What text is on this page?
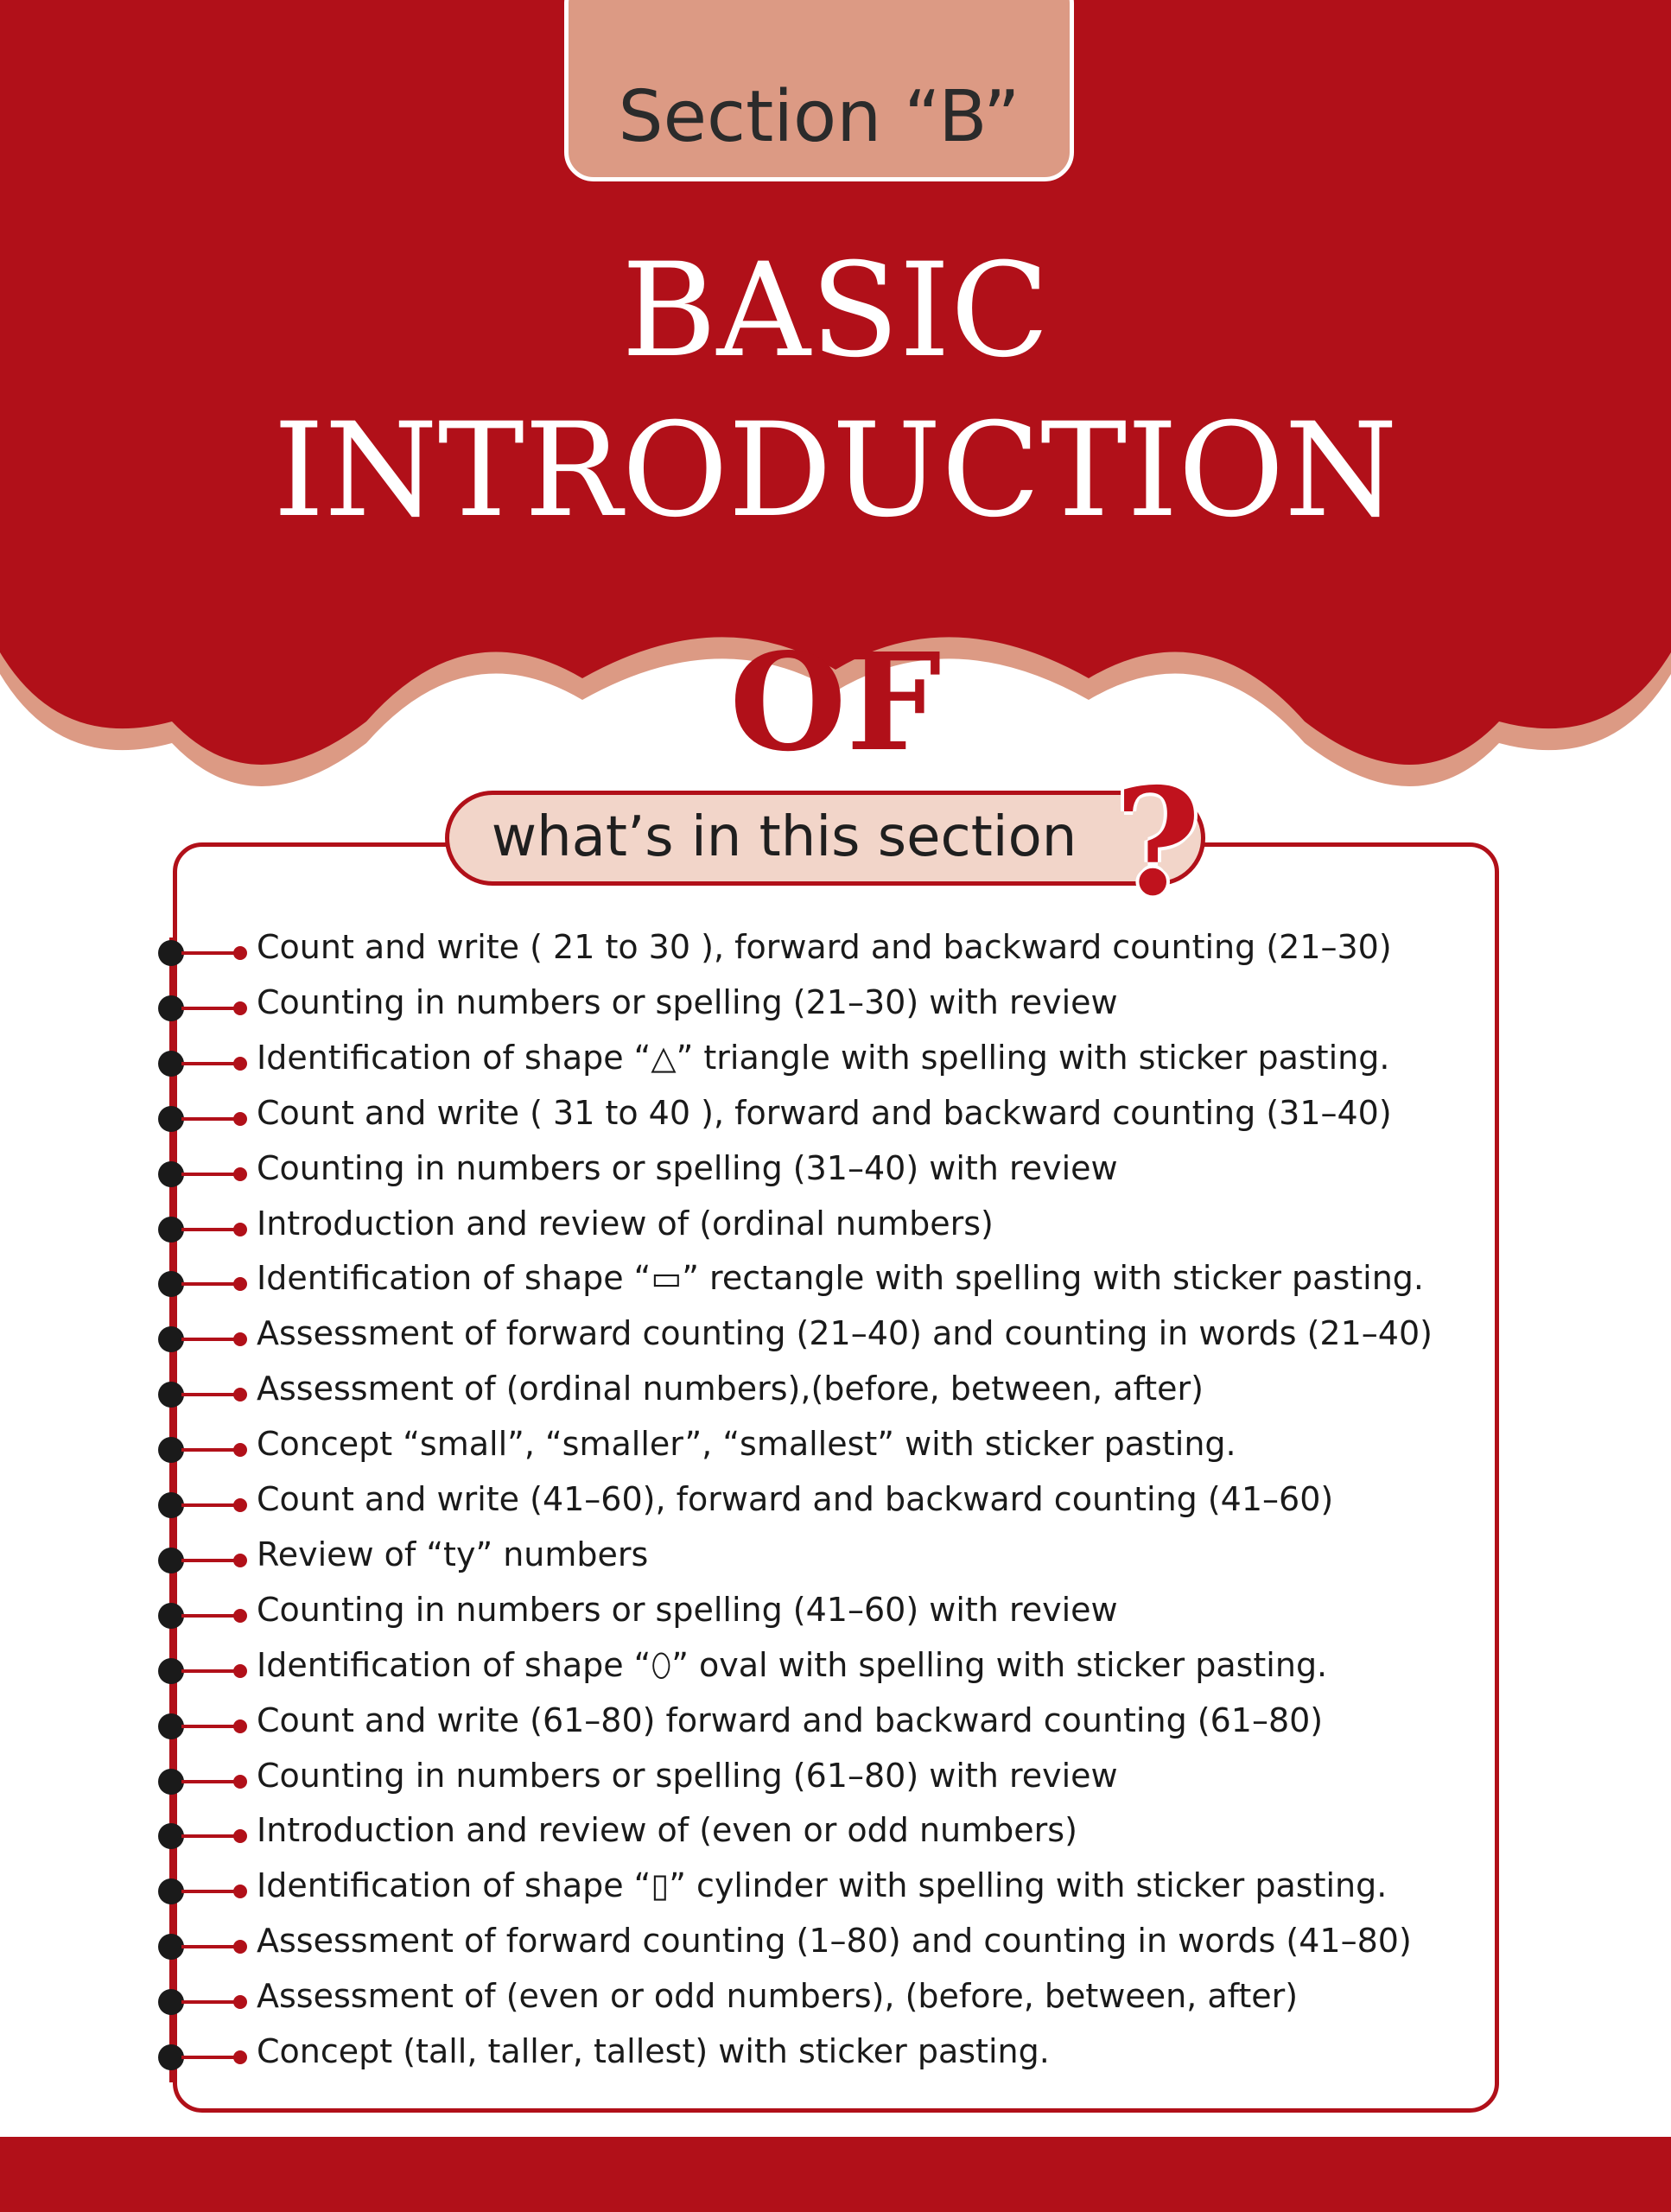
Section “B”
BASIC
INTRODUCTION
OF
what’s in this section ?
Count and write ( 21 to 30 ), forward and backward counting (21–30)
Counting in numbers or spelling (21–30) with review
Identification of shape “△” triangle with spelling with sticker pasting.
Count and write ( 31 to 40 ), forward and backward counting (31–40)
Counting in numbers or spelling (31–40) with review
Introduction and review of (ordinal numbers)
Identification of shape “▭” rectangle with spelling with sticker pasting.
Assessment of forward counting (21–40) and counting in words (21–40)
Assessment of (ordinal numbers),(before, between, after)
Concept “small”, “smaller”, “smallest” with sticker pasting.
Count and write (41–60), forward and backward counting (41–60)
Review of “ty” numbers
Counting in numbers or spelling (41–60) with review
Identification of shape “⬯” oval with spelling with sticker pasting.
Count and write (61–80) forward and backward counting (61–80)
Counting in numbers or spelling (61–80) with review
Introduction and review of (even or odd numbers)
Identification of shape “▯” cylinder with spelling with sticker pasting.
Assessment of forward counting (1–80) and counting in words (41–80)
Assessment of (even or odd numbers), (before, between, after)
Concept (tall, taller, tallest) with sticker pasting.
